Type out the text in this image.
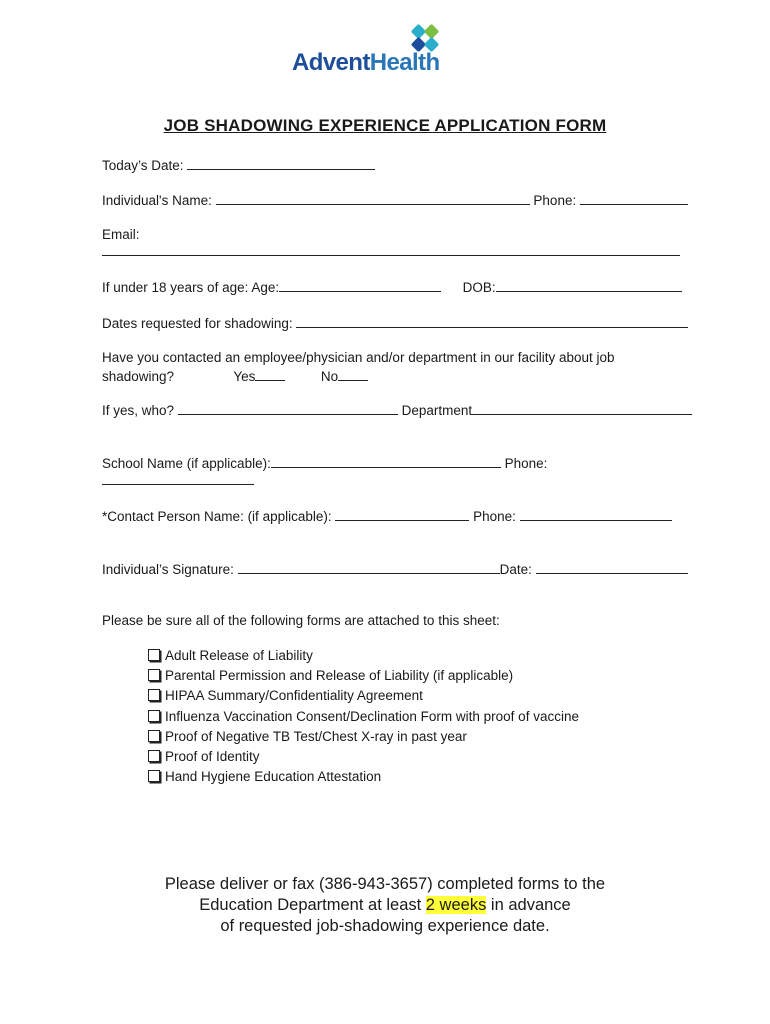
AdventHealth
JOB SHADOWING EXPERIENCE APPLICATION FORM
Today’s Date:
Individual's Name:	Phone:
Email:
If under 18 years of age: Age:	DOB:
Dates requested for shadowing:
Have you contacted an employee/physician and/or department in our facility about job
shadowing?	Yes	No
If yes, who?	Department
School Name (if applicable):	Phone:
*Contact Person Name: (if applicable):	Phone:
Individual’s Signature:	Date:
Please be sure all of the following forms are attached to this sheet:
Adult Release of Liability
Parental Permission and Release of Liability (if applicable)
HIPAA Summary/Confidentiality Agreement
Influenza Vaccination Consent/Declination Form with proof of vaccine
Proof of Negative TB Test/Chest X-ray in past year
Proof of Identity
Hand Hygiene Education Attestation
Please deliver or fax (386-943-3657) completed forms to the
Education Department at least 2 weeks in advance
of requested job-shadowing experience date.
